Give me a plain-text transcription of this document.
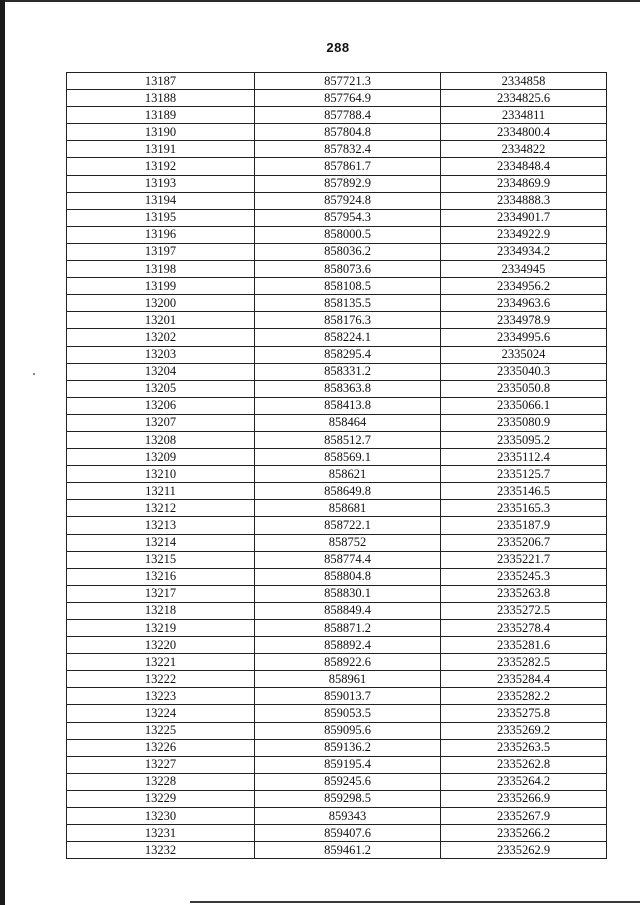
288
13187	857721.3	2334858
13188	857764.9	2334825.6
13189	857788.4	2334811
13190	857804.8	2334800.4
13191	857832.4	2334822
13192	857861.7	2334848.4
13193	857892.9	2334869.9
13194	857924.8	2334888.3
13195	857954.3	2334901.7
13196	858000.5	2334922.9
13197	858036.2	2334934.2
13198	858073.6	2334945
13199	858108.5	2334956.2
13200	858135.5	2334963.6
13201	858176.3	2334978.9
13202	858224.1	2334995.6
13203	858295.4	2335024
13204	858331.2	2335040.3
13205	858363.8	2335050.8
13206	858413.8	2335066.1
13207	858464	2335080.9
13208	858512.7	2335095.2
13209	858569.1	2335112.4
13210	858621	2335125.7
13211	858649.8	2335146.5
13212	858681	2335165.3
13213	858722.1	2335187.9
13214	858752	2335206.7
13215	858774.4	2335221.7
13216	858804.8	2335245.3
13217	858830.1	2335263.8
13218	858849.4	2335272.5
13219	858871.2	2335278.4
13220	858892.4	2335281.6
13221	858922.6	2335282.5
13222	858961	2335284.4
13223	859013.7	2335282.2
13224	859053.5	2335275.8
13225	859095.6	2335269.2
13226	859136.2	2335263.5
13227	859195.4	2335262.8
13228	859245.6	2335264.2
13229	859298.5	2335266.9
13230	859343	2335267.9
13231	859407.6	2335266.2
13232	859461.2	2335262.9
